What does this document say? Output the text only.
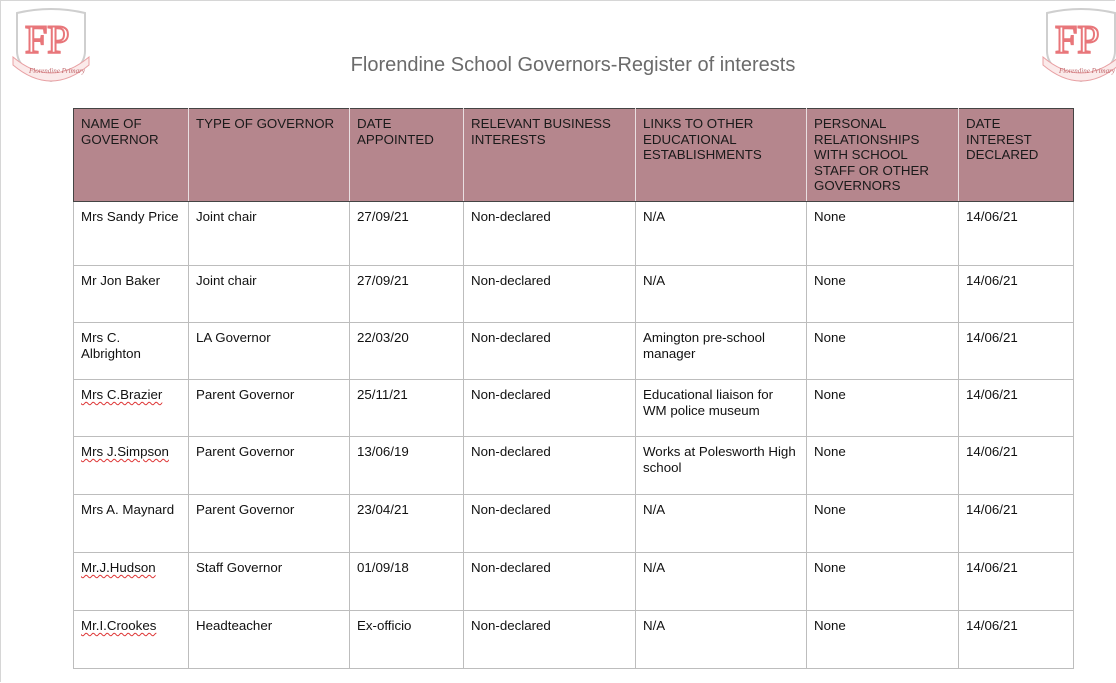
FP
Florendine Primary
FP
Florendine Primary
Florendine School Governors-Register of interests
NAME OF GOVERNOR	TYPE OF GOVERNOR	DATE APPOINTED	RELEVANT BUSINESS INTERESTS	LINKS TO OTHER EDUCATIONAL ESTABLISHMENTS	PERSONAL RELATIONSHIPS WITH SCHOOL STAFF OR OTHER GOVERNORS	DATE INTEREST DECLARED
Mrs Sandy Price	Joint chair	27/09/21	Non-declared	N/A	None	14/06/21
Mr Jon Baker	Joint chair	27/09/21	Non-declared	N/A	None	14/06/21
Mrs C. Albrighton	LA Governor	22/03/20	Non-declared	Amington pre-school manager	None	14/06/21
Mrs C.Brazier	Parent Governor	25/11/21	Non-declared	Educational liaison for WM police museum	None	14/06/21
Mrs J.Simpson	Parent Governor	13/06/19	Non-declared	Works at Polesworth High school	None	14/06/21
Mrs A. Maynard	Parent Governor	23/04/21	Non-declared	N/A	None	14/06/21
Mr.J.Hudson	Staff Governor	01/09/18	Non-declared	N/A	None	14/06/21
Mr.I.Crookes	Headteacher	Ex-officio	Non-declared	N/A	None	14/06/21
